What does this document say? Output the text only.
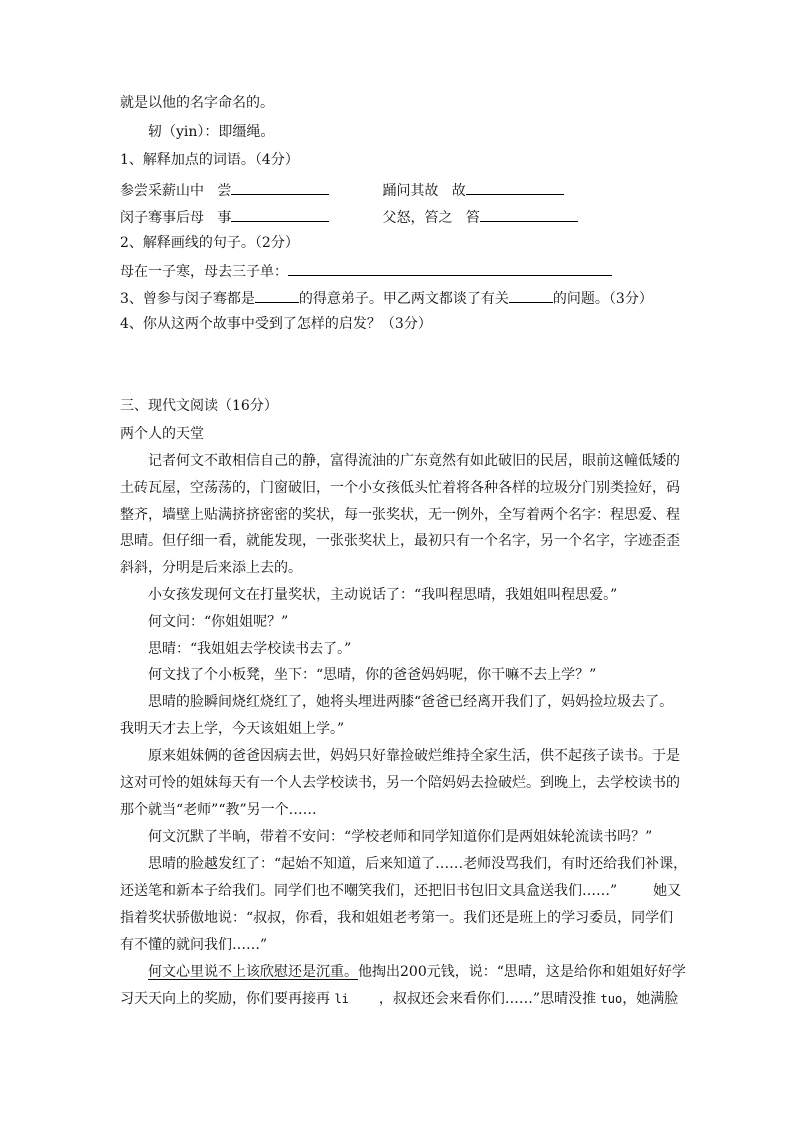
就是以他的名字命名的。
轫（yin）：即缰绳。
1、解释加点的词语。（4分）
参尝采薪山中 尝	踊问其故 故
闵子骞事后母 事	父怒，笞之 笞
2、解释画线的句子。（2分）
母在一子寒，母去三子单：
3、曾参与闵子骞都是	的得意弟子。甲乙两文都谈了有关	的问题。（3分）
4、你从这两个故事中受到了怎样的启发？（3分）
三、现代文阅读（16分）
两个人的天堂
记者何文不敢相信自己的静，富得流油的广东竟然有如此破旧的民居，眼前这幢低矮的
土砖瓦屋，空荡荡的，门窗破旧，一个小女孩低头忙着将各种各样的垃圾分门别类捡好，码
整齐，墙壁上贴满挤挤密密的奖状，每一张奖状，无一例外，全写着两个名字：程思爱、程
思晴。但仔细一看，就能发现，一张张奖状上，最初只有一个名字，另一个名字，字迹歪歪
斜斜，分明是后来添上去的。
小女孩发现何文在打量奖状，主动说话了：“我叫程思晴，我姐姐叫程思爱。”
何文问：“你姐姐呢？”
思晴：“我姐姐去学校读书去了。”
何文找了个小板凳，坐下：“思晴，你的爸爸妈妈呢，你干嘛不去上学？”
思晴的脸瞬间烧红烧红了，她将头埋进两膝“爸爸已经离开我们了，妈妈捡垃圾去了。
我明天才去上学，今天该姐姐上学。”
原来姐妹俩的爸爸因病去世，妈妈只好靠捡破烂维持全家生活，供不起孩子读书。于是
这对可怜的姐妹每天有一个人去学校读书，另一个陪妈妈去捡破烂。到晚上，去学校读书的
那个就当“老师”“教”另一个……
何文沉默了半晌，带着不安问：“学校老师和同学知道你们是两姐妹轮流读书吗？”
思晴的脸越发红了：“起始不知道，后来知道了……老师没骂我们，有时还给我们补课，
还送笔和新本子给我们。同学们也不嘲笑我们，还把旧书包旧文具盒送我们……”	她又
指着奖状骄傲地说：“叔叔，你看，我和姐姐老考第一。我们还是班上的学习委员，同学们
有不懂的就问我们……”
何文心里说不上该欣慰还是沉重。他掏出200元钱，说：“思晴，这是给你和姐姐好好学
习天天向上的奖励，你们要再接再 li ，叔叔还会来看你们……”思晴没推 tuo，她满脸
